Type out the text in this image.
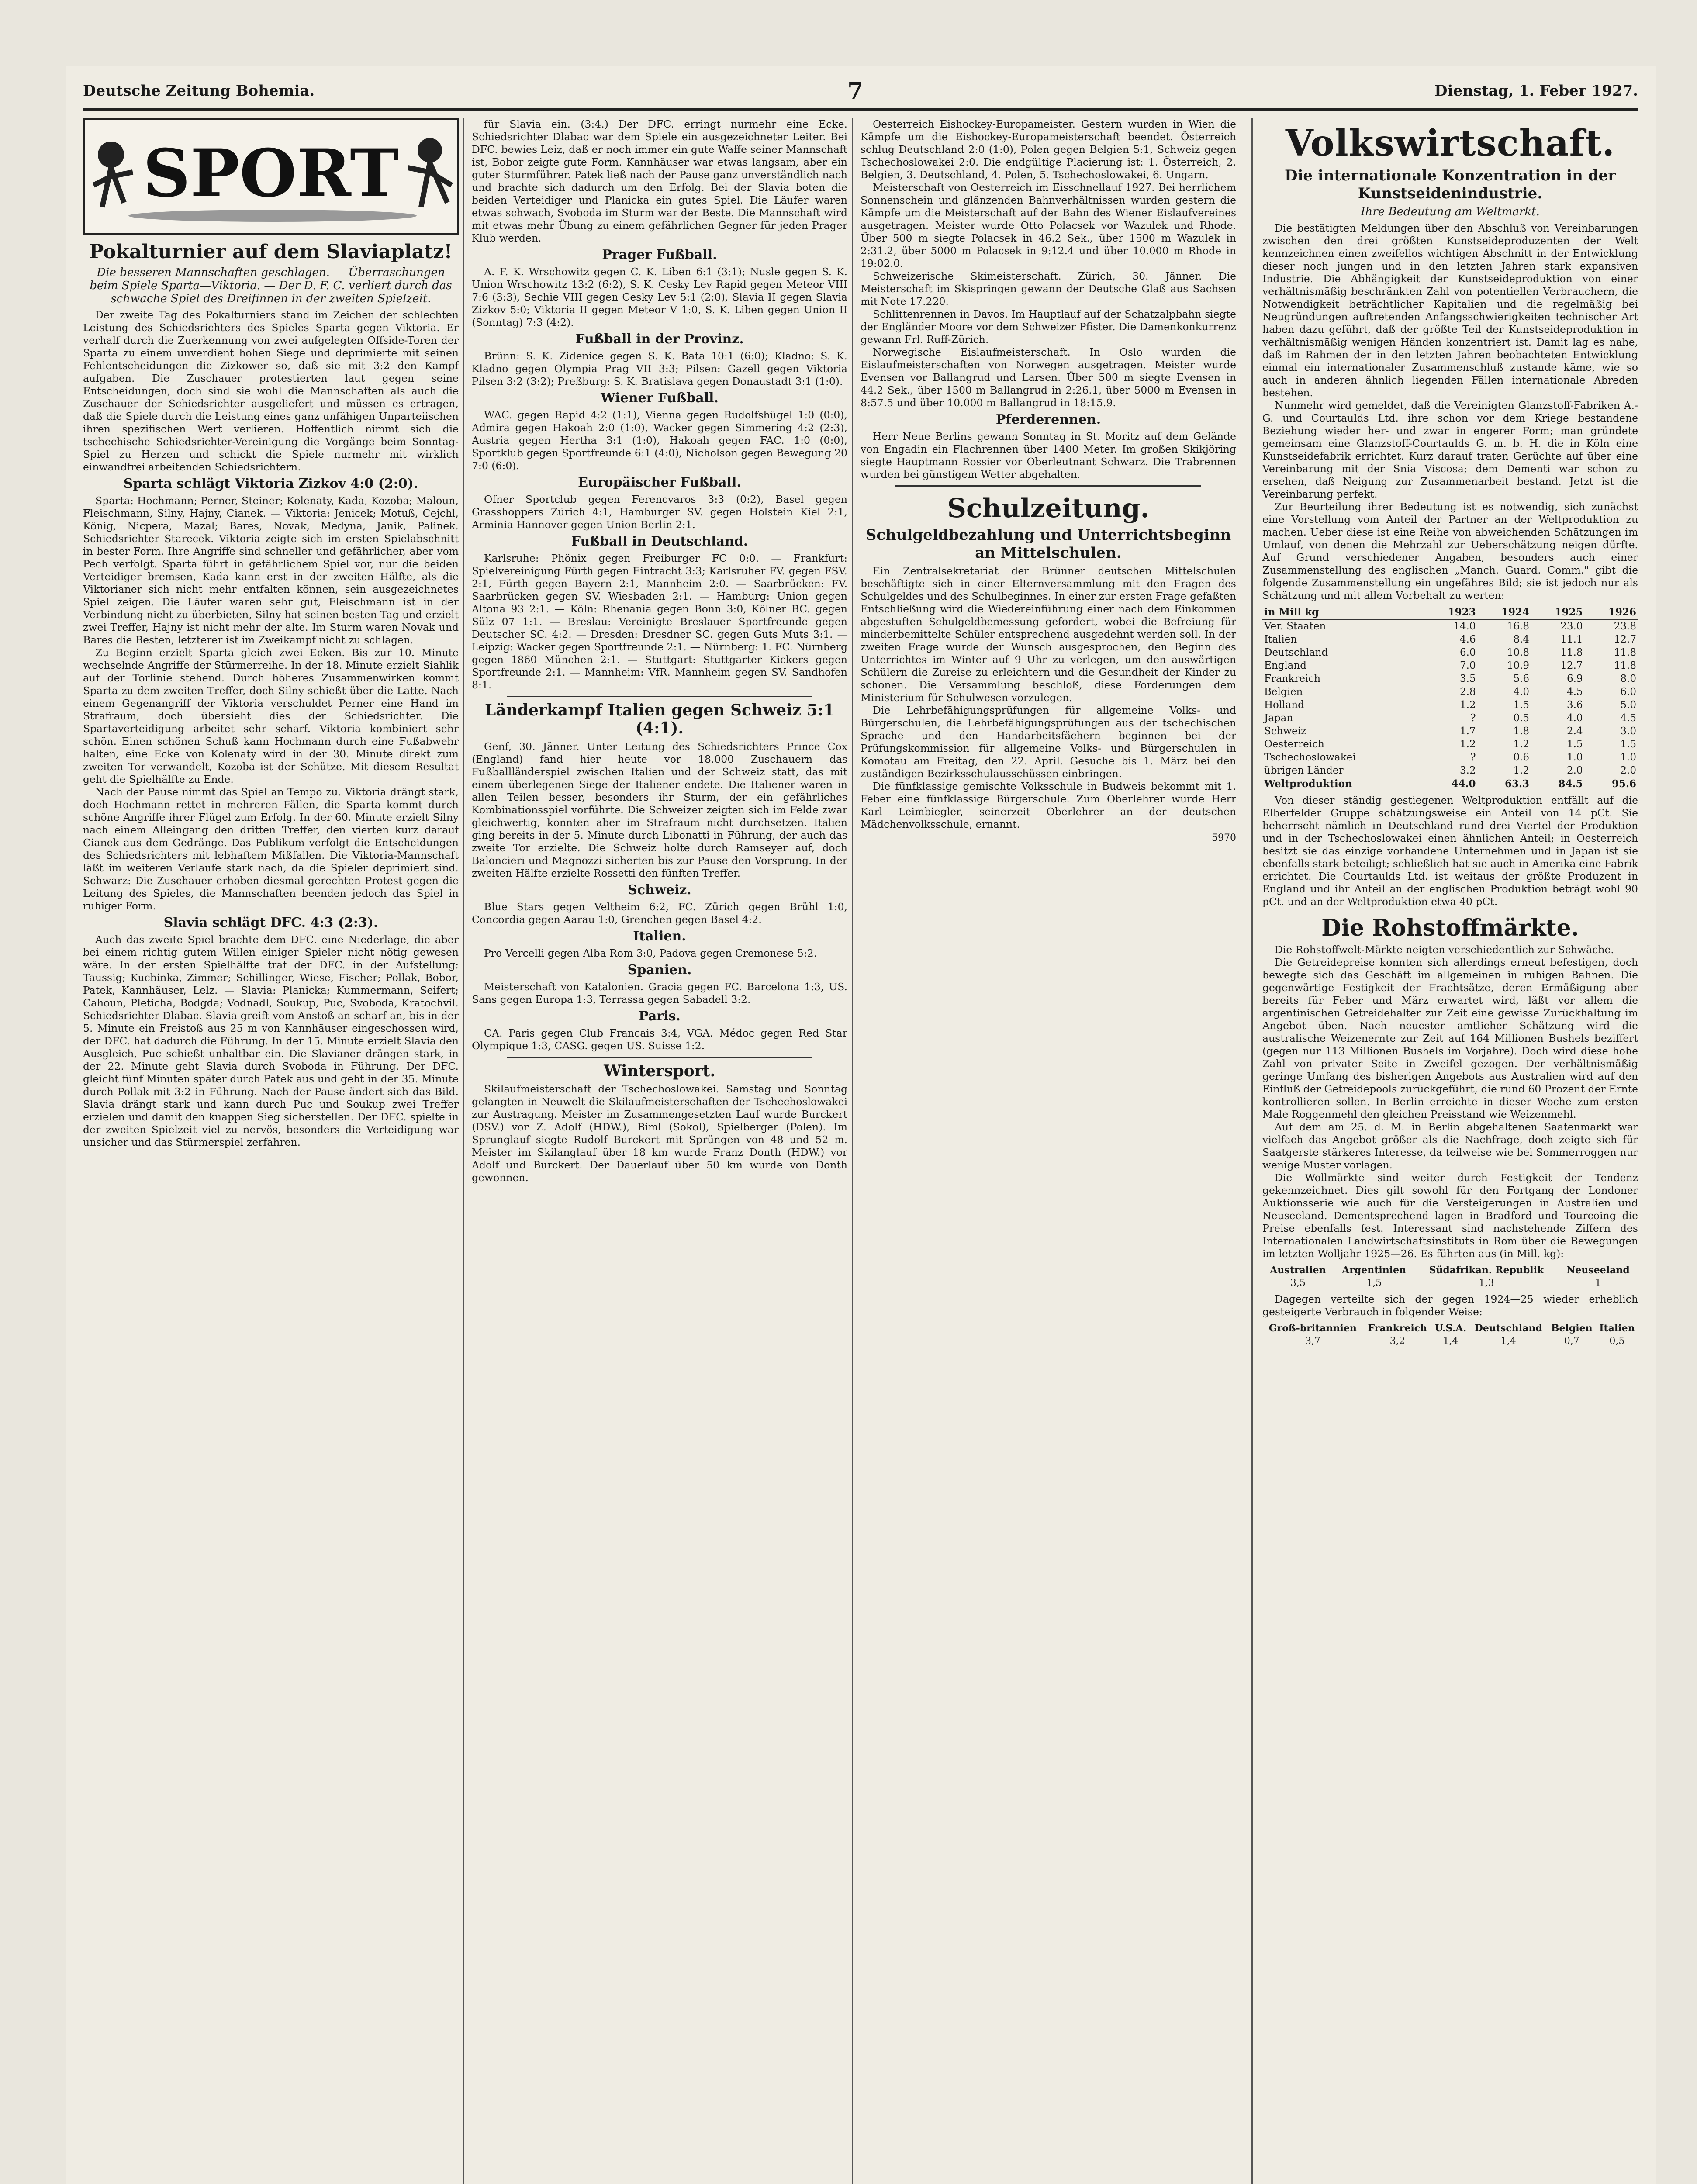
Deutsche Zeitung Bohemia.	7	Dienstag, 1. Feber 1927.
SPORT
Pokalturnier auf dem Slaviaplatz!
Die besseren Mannschaften geschlagen. — Überraschungen beim Spiele Sparta—Viktoria. — Der D. F. C. verliert durch das schwache Spiel des Dreifinnen in der zweiten Spielzeit.

Der zweite Tag des Pokalturniers stand im Zeichen der schlechten Leistung des Schiedsrichters des Spieles Sparta gegen Viktoria. Er verhalf durch die Zuerkennung von zwei aufgelegten Offside-Toren der Sparta zu einem unverdient hohen Siege und deprimierte mit seinen Fehlentscheidungen die Zizkower so, daß sie mit 3:2 den Kampf aufgaben. Die Zuschauer protestierten laut gegen seine Entscheidungen, doch sind sie wohl die Mannschaften als auch die Zuschauer der Schiedsrichter ausgeliefert und müssen es ertragen, daß die Spiele durch die Leistung eines ganz unfähigen Unparteiischen ihren spezifischen Wert verlieren. Hoffentlich nimmt sich die tschechische Schiedsrichter-Vereinigung die Vorgänge beim Sonntag-Spiel zu Herzen und schickt die Spiele nurmehr mit wirklich einwandfrei arbeitenden Schiedsrichtern.

Sparta schlägt Viktoria Zizkov 4:0 (2:0).

Sparta: Hochmann; Perner, Steiner; Kolenaty, Kada, Kozoba; Maloun, Fleischmann, Silny, Hajny, Cianek. — Viktoria: Jenicek; Motuß, Cejchl, König, Nicpera, Mazal; Bares, Novak, Medyna, Janik, Palinek. Schiedsrichter Starecek. Viktoria zeigte sich im ersten Spielabschnitt in bester Form. Ihre Angriffe sind schneller und gefährlicher, aber vom Pech verfolgt. Sparta führt in gefährlichem Spiel vor, nur die beiden Verteidiger bremsen, Kada kann erst in der zweiten Hälfte, als die Viktorianer sich nicht mehr entfalten können, sein ausgezeichnetes Spiel zeigen. Die Läufer waren sehr gut, Fleischmann ist in der Verbindung nicht zu überbieten, Silny hat seinen besten Tag und erzielt zwei Treffer, Hajny ist nicht mehr der alte. Im Sturm waren Novak und Bares die Besten, letzterer ist im Zweikampf nicht zu schlagen.

Zu Beginn erzielt Sparta gleich zwei Ecken. Bis zur 10. Minute wechselnde Angriffe der Stürmerreihe. In der 18. Minute erzielt Siahlik auf der Torlinie stehend. Durch höheres Zusammenwirken kommt Sparta zu dem zweiten Treffer, doch Silny schießt über die Latte. Nach einem Gegenangriff der Viktoria verschuldet Perner eine Hand im Strafraum, doch übersieht dies der Schiedsrichter. Die Spartaverteidigung arbeitet sehr scharf. Viktoria kombiniert sehr schön. Einen schönen Schuß kann Hochmann durch eine Fußabwehr halten, eine Ecke von Kolenaty wird in der 30. Minute direkt zum zweiten Tor verwandelt, Kozoba ist der Schütze. Mit diesem Resultat geht die Spielhälfte zu Ende.

Nach der Pause nimmt das Spiel an Tempo zu. Viktoria drängt stark, doch Hochmann rettet in mehreren Fällen, die Sparta kommt durch schöne Angriffe ihrer Flügel zum Erfolg. In der 60. Minute erzielt Silny nach einem Alleingang den dritten Treffer, den vierten kurz darauf Cianek aus dem Gedränge. Das Publikum verfolgt die Entscheidungen des Schiedsrichters mit lebhaftem Mißfallen. Die Viktoria-Mannschaft läßt im weiteren Verlaufe stark nach, da die Spieler deprimiert sind. Schwarz: Die Zuschauer erhoben diesmal gerechten Protest gegen die Leitung des Spieles, die Mannschaften beenden jedoch das Spiel in ruhiger Form.

Slavia schlägt DFC. 4:3 (2:3).

Auch das zweite Spiel brachte dem DFC. eine Niederlage, die aber bei einem richtig gutem Willen einiger Spieler nicht nötig gewesen wäre. In der ersten Spielhälfte traf der DFC. in der Aufstellung: Taussig; Kuchinka, Zimmer; Schillinger, Wiese, Fischer; Pollak, Bobor, Patek, Kannhäuser, Lelz. — Slavia: Planicka; Kummermann, Seifert; Cahoun, Pleticha, Bodgda; Vodnadl, Soukup, Puc, Svoboda, Kratochvil. Schiedsrichter Dlabac. Slavia greift vom Anstoß an scharf an, bis in der 5. Minute ein Freistoß aus 25 m von Kannhäuser eingeschossen wird, der DFC. hat dadurch die Führung. In der 15. Minute erzielt Slavia den Ausgleich, Puc schießt unhaltbar ein. Die Slavianer drängen stark, in der 22. Minute geht Slavia durch Svoboda in Führung. Der DFC. gleicht fünf Minuten später durch Patek aus und geht in der 35. Minute durch Pollak mit 3:2 in Führung. Nach der Pause ändert sich das Bild. Slavia drängt stark und kann durch Puc und Soukup zwei Treffer erzielen und damit den knappen Sieg sicherstellen. Der DFC. spielte in der zweiten Spielzeit viel zu nervös, besonders die Verteidigung war unsicher und das Stürmerspiel zerfahren.

für Slavia ein. (3:4.) Der DFC. erringt nurmehr eine Ecke. Schiedsrichter Dlabac war dem Spiele ein ausgezeichneter Leiter. Bei DFC. bewies Leiz, daß er noch immer ein gute Waffe seiner Mannschaft ist, Bobor zeigte gute Form. Kannhäuser war etwas langsam, aber ein guter Sturmführer. Patek ließ nach der Pause ganz unverständlich nach und brachte sich dadurch um den Erfolg. Bei der Slavia boten die beiden Verteidiger und Planicka ein gutes Spiel. Die Läufer waren etwas schwach, Svoboda im Sturm war der Beste. Die Mannschaft wird mit etwas mehr Übung zu einem gefährlichen Gegner für jeden Prager Klub werden.

Prager Fußball.

A. F. K. Wrschowitz gegen C. K. Liben 6:1 (3:1); Nusle gegen S. K. Union Wrschowitz 13:2 (6:2), S. K. Cesky Lev Rapid gegen Meteor VIII 7:6 (3:3), Sechie VIII gegen Cesky Lev 5:1 (2:0), Slavia II gegen Slavia Zizkov 5:0; Viktoria II gegen Meteor V 1:0, S. K. Liben gegen Union II (Sonntag) 7:3 (4:2).

Fußball in der Provinz.

Brünn: S. K. Zidenice gegen S. K. Bata 10:1 (6:0); Kladno: S. K. Kladno gegen Olympia Prag VII 3:3; Pilsen: Gazell gegen Viktoria Pilsen 3:2 (3:2); Preßburg: S. K. Bratislava gegen Donaustadt 3:1 (1:0).

Wiener Fußball.

WAC. gegen Rapid 4:2 (1:1), Vienna gegen Rudolfshügel 1:0 (0:0), Admira gegen Hakoah 2:0 (1:0), Wacker gegen Simmering 4:2 (2:3), Austria gegen Hertha 3:1 (1:0), Hakoah gegen FAC. 1:0 (0:0), Sportklub gegen Sportfreunde 6:1 (4:0), Nicholson gegen Bewegung 20 7:0 (6:0).

Europäischer Fußball.

Ofner Sportclub gegen Ferencvaros 3:3 (0:2), Basel gegen Grasshoppers Zürich 4:1, Hamburger SV. gegen Holstein Kiel 2:1, Arminia Hannover gegen Union Berlin 2:1.

Fußball in Deutschland.

Karlsruhe: Phönix gegen Freiburger FC 0:0. — Frankfurt: Spielvereinigung Fürth gegen Eintracht 3:3; Karlsruher FV. gegen FSV. 2:1, Fürth gegen Bayern 2:1, Mannheim 2:0. — Saarbrücken: FV. Saarbrücken gegen SV. Wiesbaden 2:1. — Hamburg: Union gegen Altona 93 2:1. — Köln: Rhenania gegen Bonn 3:0, Kölner BC. gegen Sülz 07 1:1. — Breslau: Vereinigte Breslauer Sportfreunde gegen Deutscher SC. 4:2. — Dresden: Dresdner SC. gegen Guts Muts 3:1. — Leipzig: Wacker gegen Sportfreunde 2:1. — Nürnberg: 1. FC. Nürnberg gegen 1860 München 2:1. — Stuttgart: Stuttgarter Kickers gegen Sportfreunde 2:1. — Mannheim: VfR. Mannheim gegen SV. Sandhofen 8:1.

Länderkampf Italien gegen Schweiz 5:1 (4:1).

Genf, 30. Jänner. Unter Leitung des Schiedsrichters Prince Cox (England) fand hier heute vor 18.000 Zuschauern das Fußballländerspiel zwischen Italien und der Schweiz statt, das mit einem überlegenen Siege der Italiener endete. Die Italiener waren in allen Teilen besser, besonders ihr Sturm, der ein gefährliches Kombinationsspiel vorführte. Die Schweizer zeigten sich im Felde zwar gleichwertig, konnten aber im Strafraum nicht durchsetzen. Italien ging bereits in der 5. Minute durch Libonatti in Führung, der auch das zweite Tor erzielte. Die Schweiz holte durch Ramseyer auf, doch Baloncieri und Magnozzi sicherten bis zur Pause den Vorsprung. In der zweiten Hälfte erzielte Rossetti den fünften Treffer.

Schweiz.

Blue Stars gegen Veltheim 6:2, FC. Zürich gegen Brühl 1:0, Concordia gegen Aarau 1:0, Grenchen gegen Basel 4:2.

Italien.

Pro Vercelli gegen Alba Rom 3:0, Padova gegen Cremonese 5:2.

Spanien.

Meisterschaft von Katalonien. Gracia gegen FC. Barcelona 1:3, US. Sans gegen Europa 1:3, Terrassa gegen Sabadell 3:2.

Paris.

CA. Paris gegen Club Francais 3:4, VGA. Médoc gegen Red Star Olympique 1:3, CASG. gegen US. Suisse 1:2.

Wintersport.

Skilaufmeisterschaft der Tschechoslowakei. Samstag und Sonntag gelangten in Neuwelt die Skilaufmeisterschaften der Tschechoslowakei zur Austragung. Meister im Zusammengesetzten Lauf wurde Burckert (DSV.) vor Z. Adolf (HDW.), Biml (Sokol), Spielberger (Polen). Im Sprunglauf siegte Rudolf Burckert mit Sprüngen von 48 und 52 m. Meister im Skilanglauf über 18 km wurde Franz Donth (HDW.) vor Adolf und Burckert. Der Dauerlauf über 50 km wurde von Donth gewonnen.

Oesterreich Eishockey-Europameister. Gestern wurden in Wien die Kämpfe um die Eishockey-Europameisterschaft beendet. Österreich schlug Deutschland 2:0 (1:0), Polen gegen Belgien 5:1, Schweiz gegen Tschechoslowakei 2:0. Die endgültige Placierung ist: 1. Österreich, 2. Belgien, 3. Deutschland, 4. Polen, 5. Tschechoslowakei, 6. Ungarn.

Meisterschaft von Oesterreich im Eisschnellauf 1927. Bei herrlichem Sonnenschein und glänzenden Bahnverhältnissen wurden gestern die Kämpfe um die Meisterschaft auf der Bahn des Wiener Eislaufvereines ausgetragen. Meister wurde Otto Polacsek vor Wazulek und Rhode. Über 500 m siegte Polacsek in 46.2 Sek., über 1500 m Wazulek in 2:31.2, über 5000 m Polacsek in 9:12.4 und über 10.000 m Rhode in 19:02.0.

Schweizerische Skimeisterschaft. Zürich, 30. Jänner. Die Meisterschaft im Skispringen gewann der Deutsche Glaß aus Sachsen mit Note 17.220.

Schlittenrennen in Davos. Im Hauptlauf auf der Schatzalpbahn siegte der Engländer Moore vor dem Schweizer Pfister. Die Damenkonkurrenz gewann Frl. Ruff-Zürich.

Norwegische Eislaufmeisterschaft. In Oslo wurden die Eislaufmeisterschaften von Norwegen ausgetragen. Meister wurde Evensen vor Ballangrud und Larsen. Über 500 m siegte Evensen in 44.2 Sek., über 1500 m Ballangrud in 2:26.1, über 5000 m Evensen in 8:57.5 und über 10.000 m Ballangrud in 18:15.9.

Pferderennen.

Herr Neue Berlins gewann Sonntag in St. Moritz auf dem Gelände von Engadin ein Flachrennen über 1400 Meter. Im großen Skikjöring siegte Hauptmann Rossier vor Oberleutnant Schwarz. Die Trabrennen wurden bei günstigem Wetter abgehalten.

Schulzeitung.
Schulgeldbezahlung und Unterrichtsbeginn an Mittelschulen.

Ein Zentralsekretariat der Brünner deutschen Mittelschulen beschäftigte sich in einer Elternversammlung mit den Fragen des Schulgeldes und des Schulbeginnes. In einer zur ersten Frage gefaßten Entschließung wird die Wiedereinführung einer nach dem Einkommen abgestuften Schulgeldbemessung gefordert, wobei die Befreiung für minderbemittelte Schüler entsprechend ausgedehnt werden soll. In der zweiten Frage wurde der Wunsch ausgesprochen, den Beginn des Unterrichtes im Winter auf 9 Uhr zu verlegen, um den auswärtigen Schülern die Zureise zu erleichtern und die Gesundheit der Kinder zu schonen. Die Versammlung beschloß, diese Forderungen dem Ministerium für Schulwesen vorzulegen.

Die Lehrbefähigungsprüfungen für allgemeine Volks- und Bürgerschulen, die Lehrbefähigungsprüfungen aus der tschechischen Sprache und den Handarbeitsfächern beginnen bei der Prüfungskommission für allgemeine Volks- und Bürgerschulen in Komotau am Freitag, den 22. April. Gesuche bis 1. März bei den zuständigen Bezirksschulausschüssen einbringen.

Die fünfklassige gemischte Volksschule in Budweis bekommt mit 1. Feber eine fünfklassige Bürgerschule. Zum Oberlehrer wurde Herr Karl Leimbiegler, seinerzeit Oberlehrer an der deutschen Mädchenvolksschule, ernannt.

5970
Volkswirtschaft.
Die internationale Konzentration in der Kunstseidenindustrie.
Ihre Bedeutung am Weltmarkt.

Die bestätigten Meldungen über den Abschluß von Vereinbarungen zwischen den drei größten Kunstseideproduzenten der Welt kennzeichnen einen zweifellos wichtigen Abschnitt in der Entwicklung dieser noch jungen und in den letzten Jahren stark expansiven Industrie. Die Abhängigkeit der Kunstseideproduktion von einer verhältnismäßig beschränkten Zahl von potentiellen Verbrauchern, die Notwendigkeit beträchtlicher Kapitalien und die regelmäßig bei Neugründungen auftretenden Anfangsschwierigkeiten technischer Art haben dazu geführt, daß der größte Teil der Kunstseideproduktion in verhältnismäßig wenigen Händen konzentriert ist. Damit lag es nahe, daß im Rahmen der in den letzten Jahren beobachteten Entwicklung einmal ein internationaler Zusammenschluß zustande käme, wie so auch in anderen ähnlich liegenden Fällen internationale Abreden bestehen.

Nunmehr wird gemeldet, daß die Vereinigten Glanzstoff-Fabriken A.-G. und Courtaulds Ltd. ihre schon vor dem Kriege bestandene Beziehung wieder her- und zwar in engerer Form; man gründete gemeinsam eine Glanzstoff-Courtaulds G. m. b. H. die in Köln eine Kunstseidefabrik errichtet. Kurz darauf traten Gerüchte auf über eine Vereinbarung mit der Snia Viscosa; dem Dementi war schon zu ersehen, daß Neigung zur Zusammenarbeit bestand. Jetzt ist die Vereinbarung perfekt.

Zur Beurteilung ihrer Bedeutung ist es notwendig, sich zunächst eine Vorstellung vom Anteil der Partner an der Weltproduktion zu machen. Ueber diese ist eine Reihe von abweichenden Schätzungen im Umlauf, von denen die Mehrzahl zur Ueberschätzung neigen dürfte. Auf Grund verschiedener Angaben, besonders auch einer Zusammenstellung des englischen „Manch. Guard. Comm." gibt die folgende Zusammenstellung ein ungefähres Bild; sie ist jedoch nur als Schätzung und mit allem Vorbehalt zu werten:

in Mill kg	1923	1924	1925	1926
Ver. Staaten	14.0	16.8	23.0	23.8
Italien	4.6	8.4	11.1	12.7
Deutschland	6.0	10.8	11.8	11.8
England	7.0	10.9	12.7	11.8
Frankreich	3.5	5.6	6.9	8.0
Belgien	2.8	4.0	4.5	6.0
Holland	1.2	1.5	3.6	5.0
Japan	?	0.5	4.0	4.5
Schweiz	1.7	1.8	2.4	3.0
Oesterreich	1.2	1.2	1.5	1.5
Tschechoslowakei	?	0.6	1.0	1.0
übrigen Länder	3.2	1.2	2.0	2.0
Weltproduktion	44.0	63.3	84.5	95.6

Von dieser ständig gestiegenen Weltproduktion entfällt auf die Elberfelder Gruppe schätzungsweise ein Anteil von 14 pCt. Sie beherrscht nämlich in Deutschland rund drei Viertel der Produktion und in der Tschechoslowakei einen ähnlichen Anteil; in Oesterreich besitzt sie das einzige vorhandene Unternehmen und in Japan ist sie ebenfalls stark beteiligt; schließlich hat sie auch in Amerika eine Fabrik errichtet. Die Courtaulds Ltd. ist weitaus der größte Produzent in England und ihr Anteil an der englischen Produktion beträgt wohl 90 pCt. und an der Weltproduktion etwa 40 pCt.

Die Rohstoffmärkte.

Die Rohstoffwelt-Märkte neigten verschiedentlich zur Schwäche.

Die Getreidepreise konnten sich allerdings erneut befestigen, doch bewegte sich das Geschäft im allgemeinen in ruhigen Bahnen. Die gegenwärtige Festigkeit der Frachtsätze, deren Ermäßigung aber bereits für Feber und März erwartet wird, läßt vor allem die argentinischen Getreidehalter zur Zeit eine gewisse Zurückhaltung im Angebot üben. Nach neuester amtlicher Schätzung wird die australische Weizenernte zur Zeit auf 164 Millionen Bushels beziffert (gegen nur 113 Millionen Bushels im Vorjahre). Doch wird diese hohe Zahl von privater Seite in Zweifel gezogen. Der verhältnismäßig geringe Umfang des bisherigen Angebots aus Australien wird auf den Einfluß der Getreidepools zurückgeführt, die rund 60 Prozent der Ernte kontrollieren sollen. In Berlin erreichte in dieser Woche zum ersten Male Roggenmehl den gleichen Preisstand wie Weizenmehl.

Auf dem am 25. d. M. in Berlin abgehaltenen Saatenmarkt war vielfach das Angebot größer als die Nachfrage, doch zeigte sich für Saatgerste stärkeres Interesse, da teilweise wie bei Sommerroggen nur wenige Muster vorlagen.

Die Wollmärkte sind weiter durch Festigkeit der Tendenz gekennzeichnet. Dies gilt sowohl für den Fortgang der Londoner Auktionsserie wie auch für die Versteigerungen in Australien und Neuseeland. Dementsprechend lagen in Bradford und Tourcoing die Preise ebenfalls fest. Interessant sind nachstehende Ziffern des Internationalen Landwirtschaftsinstituts in Rom über die Bewegungen im letzten Wolljahr 1925—26. Es führten aus (in Mill. kg):

Australien	Argentinien	Südafrikan. Republik	Neuseeland
3,5	1,5	1,3	1

Dagegen verteilte sich der gegen 1924—25 wieder erheblich gesteigerte Verbrauch in folgender Weise:

Groß-britannien	Frankreich	U.S.A.	Deutschland	Belgien	Italien
3,7	3,2	1,4	1,4	0,7	0,5
